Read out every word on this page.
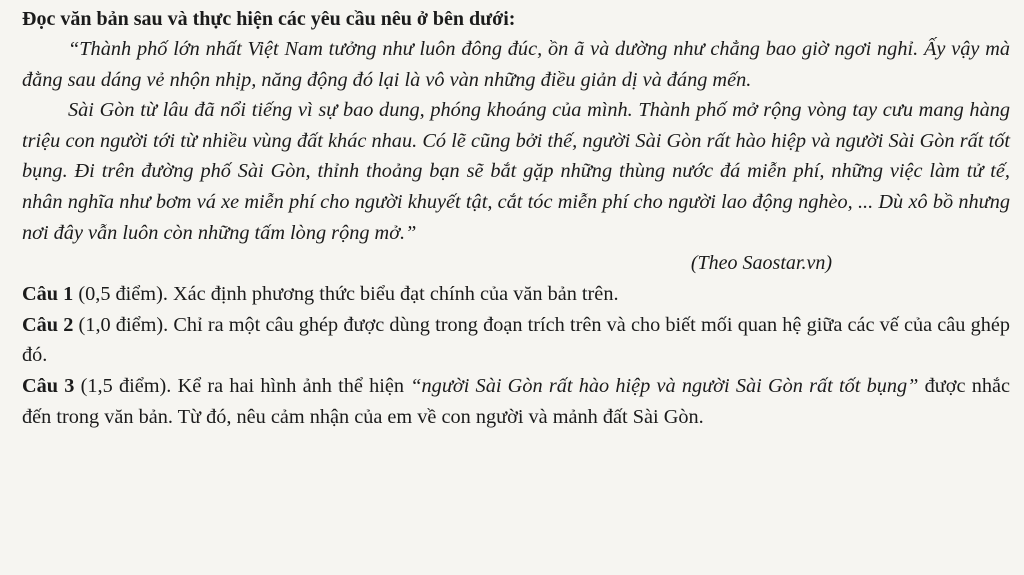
Đọc văn bản sau và thực hiện các yêu cầu nêu ở bên dưới:

“Thành phố lớn nhất Việt Nam tưởng như luôn đông đúc, ồn ã và dường như chẳng bao giờ ngơi nghỉ. Ấy vậy mà đằng sau dáng vẻ nhộn nhịp, năng động đó lại là vô vàn những điều giản dị và đáng mến.

Sài Gòn từ lâu đã nổi tiếng vì sự bao dung, phóng khoáng của mình. Thành phố mở rộng vòng tay cưu mang hàng triệu con người tới từ nhiều vùng đất khác nhau. Có lẽ cũng bởi thế, người Sài Gòn rất hào hiệp và người Sài Gòn rất tốt bụng. Đi trên đường phố Sài Gòn, thỉnh thoảng bạn sẽ bắt gặp những thùng nước đá miễn phí, những việc làm tử tế, nhân nghĩa như bơm vá xe miễn phí cho người khuyết tật, cắt tóc miễn phí cho người lao động nghèo, ... Dù xô bồ nhưng nơi đây vẫn luôn còn những tấm lòng rộng mở.”

(Theo Saostar.vn)

Câu 1 (0,5 điểm). Xác định phương thức biểu đạt chính của văn bản trên.

Câu 2 (1,0 điểm). Chỉ ra một câu ghép được dùng trong đoạn trích trên và cho biết mối quan hệ giữa các vế của câu ghép đó.

Câu 3 (1,5 điểm). Kể ra hai hình ảnh thể hiện “người Sài Gòn rất hào hiệp và người Sài Gòn rất tốt bụng” được nhắc đến trong văn bản. Từ đó, nêu cảm nhận của em về con người và mảnh đất Sài Gòn.
